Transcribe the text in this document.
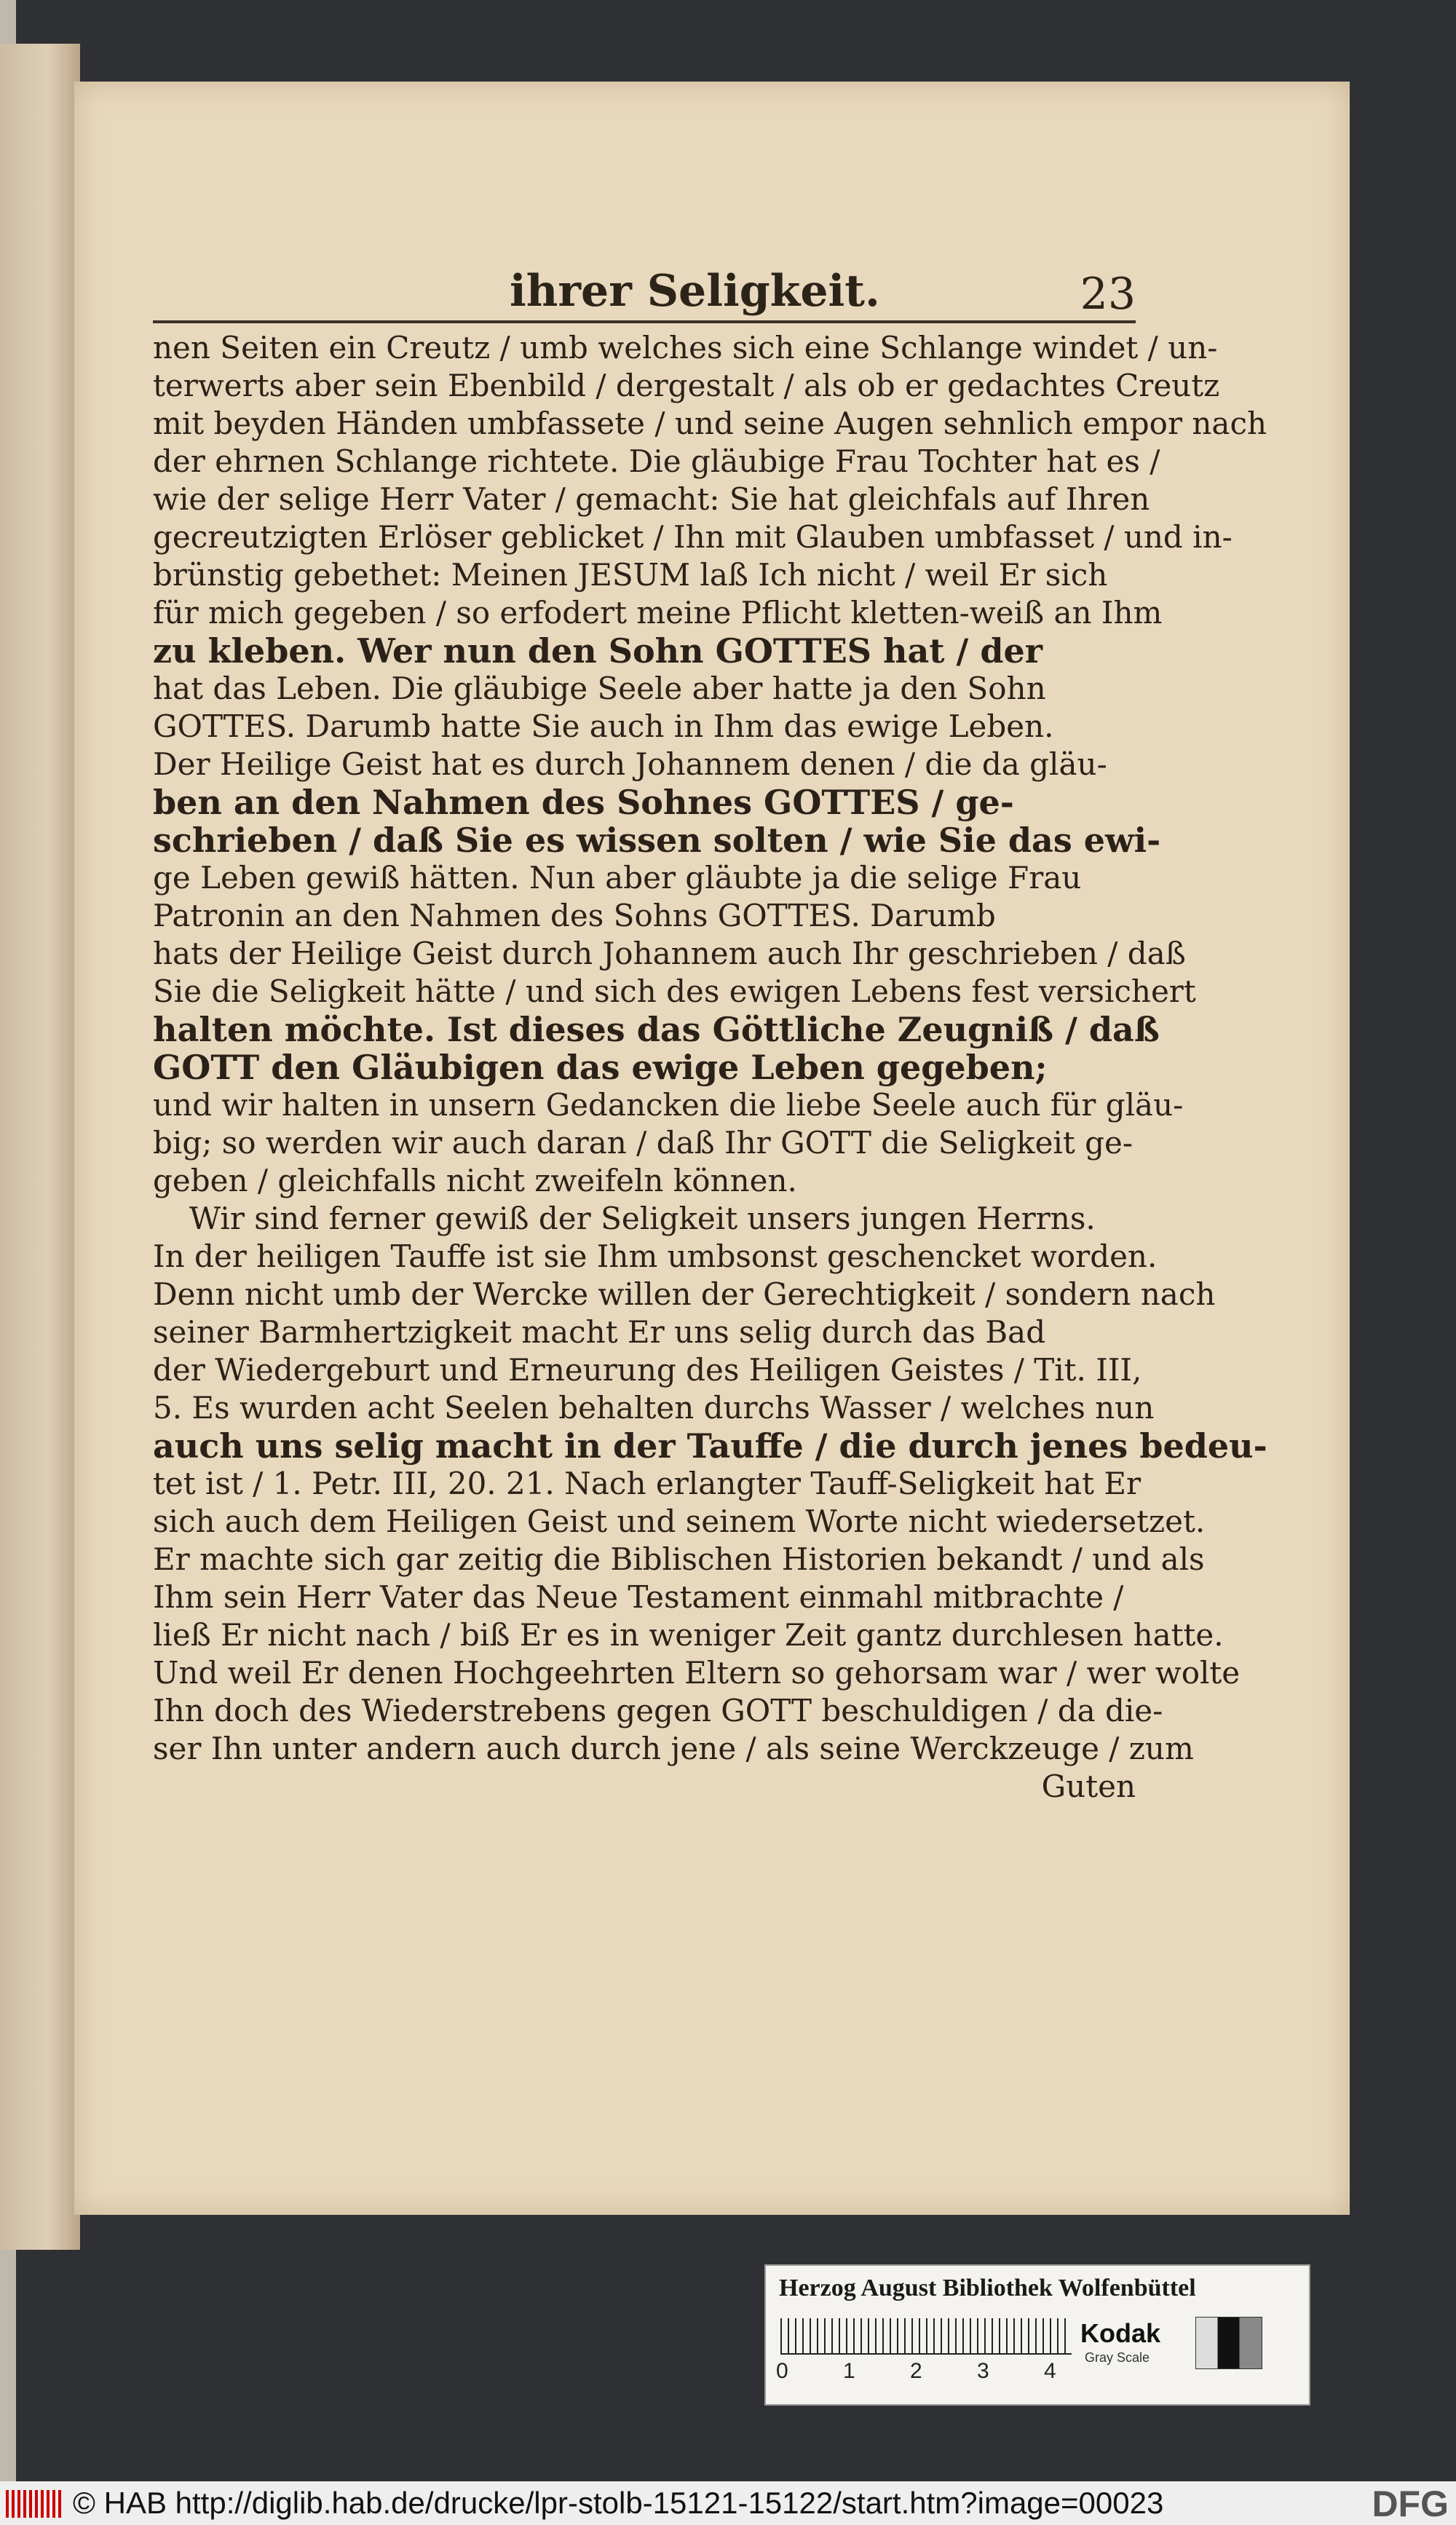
ihrer Seligkeit.	23
nen Seiten ein Creutz / umb welches sich eine Schlange windet / un-
terwerts aber sein Ebenbild / dergestalt / als ob er gedachtes Creutz
mit beyden Händen umbfassete / und seine Augen sehnlich empor nach
der ehrnen Schlange richtete. Die gläubige Frau Tochter hat es /
wie der selige Herr Vater / gemacht: Sie hat gleichfals auf Ihren
gecreutzigten Erlöser geblicket / Ihn mit Glauben umbfasset / und in-
brünstig gebethet: Meinen JESUM laß Ich nicht / weil Er sich
für mich gegeben / so erfodert meine Pflicht kletten-weiß an Ihm
zu kleben. Wer nun den Sohn GOTTES hat / der
hat das Leben. Die gläubige Seele aber hatte ja den Sohn
GOTTES. Darumb hatte Sie auch in Ihm das ewige Leben.
Der Heilige Geist hat es durch Johannem denen / die da gläu-
ben an den Nahmen des Sohnes GOTTES / ge-
schrieben / daß Sie es wissen solten / wie Sie das ewi-
ge Leben gewiß hätten. Nun aber gläubte ja die selige Frau
Patronin an den Nahmen des Sohns GOTTES. Darumb
hats der Heilige Geist durch Johannem auch Ihr geschrieben / daß
Sie die Seligkeit hätte / und sich des ewigen Lebens fest versichert
halten möchte. Ist dieses das Göttliche Zeugniß / daß
GOTT den Gläubigen das ewige Leben gegeben;
und wir halten in unsern Gedancken die liebe Seele auch für gläu-
big; so werden wir auch daran / daß Ihr GOTT die Seligkeit ge-
geben / gleichfalls nicht zweifeln können.
Wir sind ferner gewiß der Seligkeit unsers jungen Herrns.
In der heiligen Tauffe ist sie Ihm umbsonst geschencket worden.
Denn nicht umb der Wercke willen der Gerechtigkeit / sondern nach
seiner Barmhertzigkeit macht Er uns selig durch das Bad
der Wiedergeburt und Erneurung des Heiligen Geistes / Tit. III,
5. Es wurden acht Seelen behalten durchs Wasser / welches nun
auch uns selig macht in der Tauffe / die durch jenes bedeu-
tet ist / 1. Petr. III, 20. 21. Nach erlangter Tauff-Seligkeit hat Er
sich auch dem Heiligen Geist und seinem Worte nicht wiedersetzet.
Er machte sich gar zeitig die Biblischen Historien bekandt / und als
Ihm sein Herr Vater das Neue Testament einmahl mitbrachte /
ließ Er nicht nach / biß Er es in weniger Zeit gantz durchlesen hatte.
Und weil Er denen Hochgeehrten Eltern so gehorsam war / wer wolte
Ihn doch des Wiederstrebens gegen GOTT beschuldigen / da die-
ser Ihn unter andern auch durch jene / als seine Werckzeuge / zum
Guten
Herzog August Bibliothek Wolfenbüttel
0	1	2	3	4
Kodak
Gray Scale
© HAB http://diglib.hab.de/drucke/lpr-stolb-15121-15122/start.htm?image=00023	DFG
